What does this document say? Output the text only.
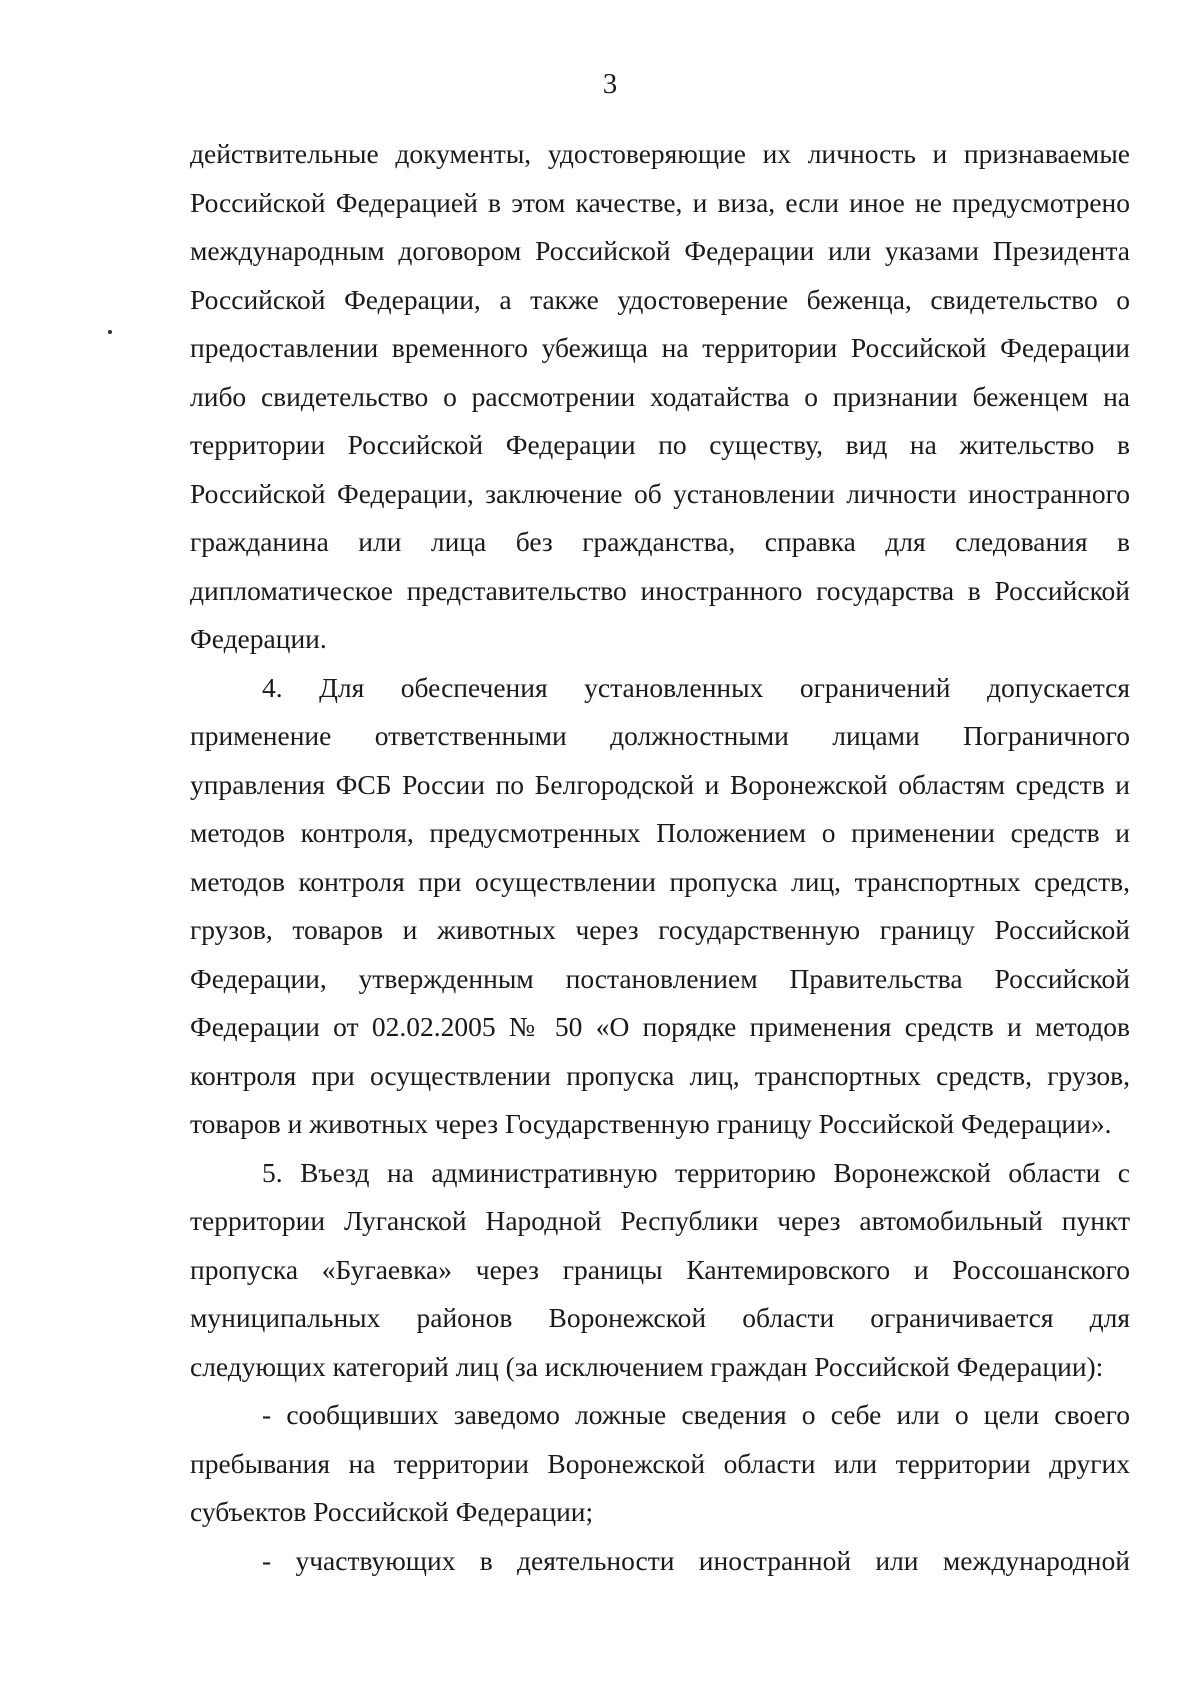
3
действительные документы, удостоверяющие их личность и признаваемые
Российской Федерацией в этом качестве, и виза, если иное не предусмотрено
международным договором Российской Федерации или указами Президента
Российской Федерации, а также удостоверение беженца, свидетельство о
предоставлении временного убежища на территории Российской Федерации
либо свидетельство о рассмотрении ходатайства о признании беженцем на
территории Российской Федерации по существу, вид на жительство в
Российской Федерации, заключение об установлении личности иностранного
гражданина или лица без гражданства, справка для следования в
дипломатическое представительство иностранного государства в Российской
Федерации.
4. Для обеспечения установленных ограничений допускается
применение ответственными должностными лицами Пограничного
управления ФСБ России по Белгородской и Воронежской областям средств и
методов контроля, предусмотренных Положением о применении средств и
методов контроля при осуществлении пропуска лиц, транспортных средств,
грузов, товаров и животных через государственную границу Российской
Федерации, утвержденным постановлением Правительства Российской
Федерации от 02.02.2005 № 50 «О порядке применения средств и методов
контроля при осуществлении пропуска лиц, транспортных средств, грузов,
товаров и животных через Государственную границу Российской Федерации».
5. Въезд на административную территорию Воронежской области с
территории Луганской Народной Республики через автомобильный пункт
пропуска «Бугаевка» через границы Кантемировского и Россошанского
муниципальных районов Воронежской области ограничивается для
следующих категорий лиц (за исключением граждан Российской Федерации):
- сообщивших заведомо ложные сведения о себе или о цели своего
пребывания на территории Воронежской области или территории других
субъектов Российской Федерации;
- участвующих в деятельности иностранной или международной
